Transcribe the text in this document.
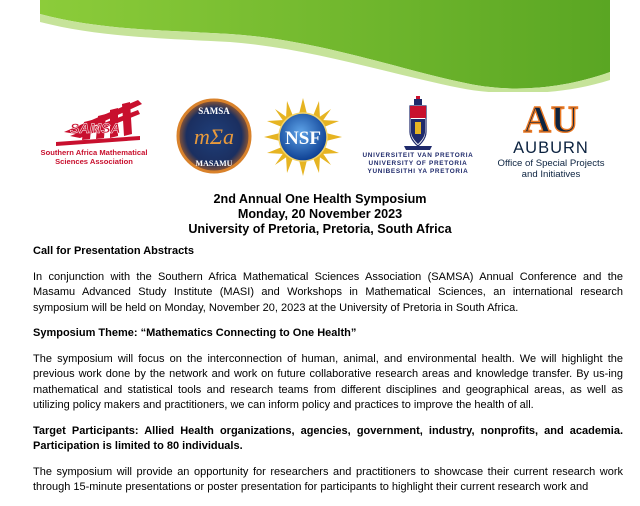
SAMSA
Southern Africa Mathematical
Sciences Association
SAMSA
mΣa
MASAMU
NSF
UNIVERSITEIT VAN PRETORIA
UNIVERSITY OF PRETORIA
YUNIBESITHI YA PRETORIA
AU
AUBURN
Office of Special Projects
and Initiatives
2nd Annual One Health Symposium
Monday, 20 November 2023
University of Pretoria, Pretoria, South Africa

Call for Presentation Abstracts

In conjunction with the Southern Africa Mathematical Sciences Association (SAMSA) Annual Conference and the Masamu Advanced Study Institute (MASI) and Workshops in Mathematical Sciences, an international research symposium will be held on Monday, November 20, 2023 at the University of Pretoria in South Africa.

Symposium Theme: “Mathematics Connecting to One Health”

The symposium will focus on the interconnection of human, animal, and environmental health. We will highlight the previous work done by the network and work on future collaborative research areas and knowledge transfer. By us-ing mathematical and statistical tools and research teams from different disciplines and geographical areas, as well as utilizing policy makers and practitioners, we can inform policy and practices to improve the health of all.

Target Participants: Allied Health organizations, agencies, government, industry, nonprofits, and academia. Participation is limited to 80 individuals.

The symposium will provide an opportunity for researchers and practitioners to showcase their current research work through 15-minute presentations or poster presentation for participants to highlight their current research work and
